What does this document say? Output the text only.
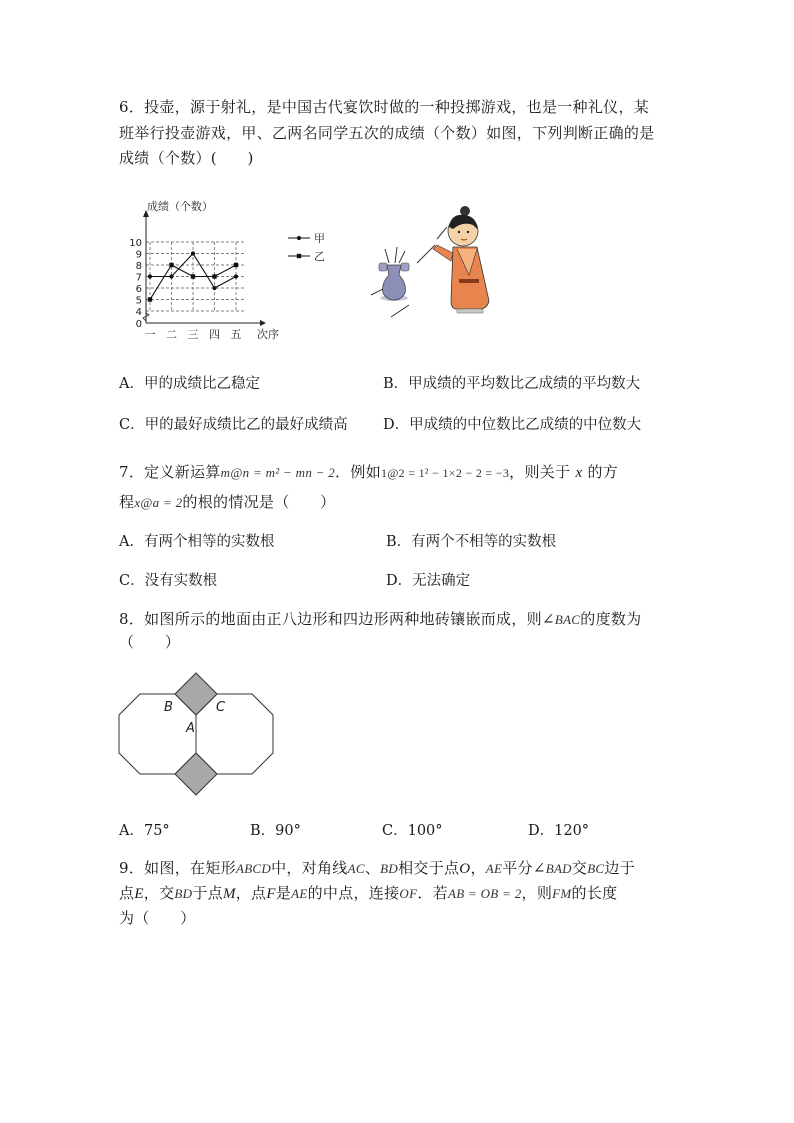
6．投壶，源于射礼，是中国古代宴饮时做的一种投掷游戏，也是一种礼仪，某
班举行投壶游戏，甲、乙两名同学五次的成绩（个数）如图，下列判断正确的是
成绩（个数）(　　)
成绩（个数）
0
4
5
6
7
8
9
10
一 二 三 四 五 次序
甲
乙
A．甲的成绩比乙稳定	B．甲成绩的平均数比乙成绩的平均数大
C．甲的最好成绩比乙的最好成绩高 D．甲成绩的中位数比乙成绩的中位数大
7．定义新运算m@n = m² − mn − 2．例如1@2 = 1² − 1×2 − 2 = −3，则关于 x 的方
程x@a = 2的根的情况是（　　）
A．有两个相等的实数根	B．有两个不相等的实数根
C．没有实数根	D．无法确定
8．如图所示的地面由正八边形和四边形两种地砖镶嵌而成，则∠BAC的度数为
（　　）
B	C
A
A．75°	B．90°	C．100°	D．120°
9．如图，在矩形ABCD中，对角线AC、BD相交于点O，AE平分∠BAD交BC边于
点E，交BD于点M，点F是AE的中点，连接OF．若AB = OB = 2，则FM的长度
为（　　）
